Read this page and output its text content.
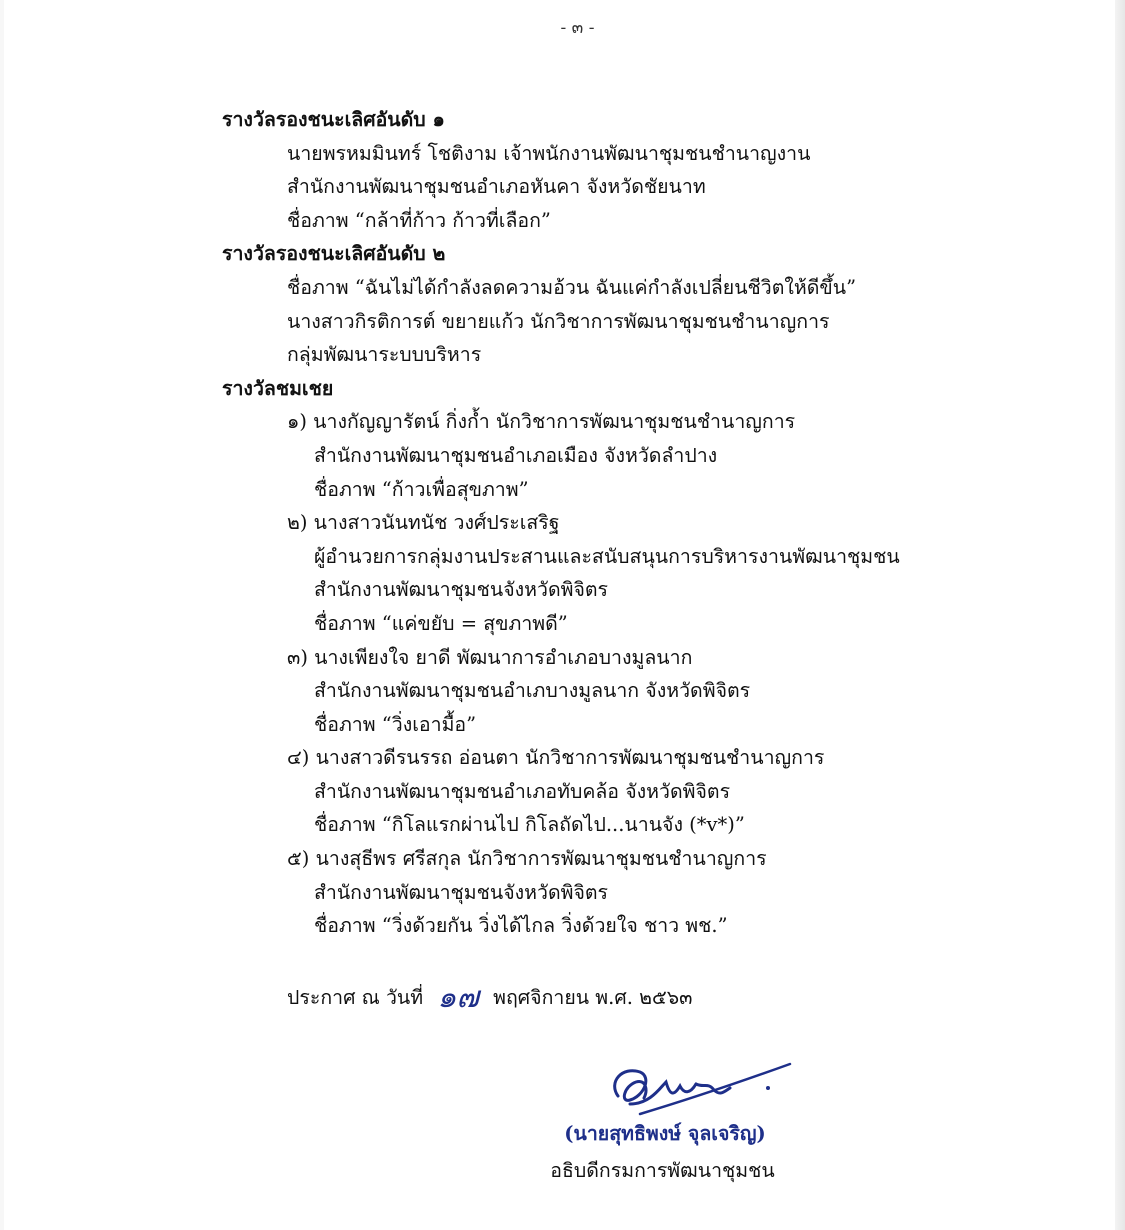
- ๓ -
รางวัลรองชนะเลิศอันดับ ๑
นายพรหมมินทร์ โชติงาม เจ้าพนักงานพัฒนาชุมชนชำนาญงาน
สำนักงานพัฒนาชุมชนอำเภอหันคา จังหวัดชัยนาท
ชื่อภาพ “กล้าที่ก้าว ก้าวที่เลือก”
รางวัลรองชนะเลิศอันดับ ๒
ชื่อภาพ “ฉันไม่ได้กำลังลดความอ้วน ฉันแค่กำลังเปลี่ยนชีวิตให้ดีขึ้น”
นางสาวกิรติการต์ ขยายแก้ว นักวิชาการพัฒนาชุมชนชำนาญการ
กลุ่มพัฒนาระบบบริหาร
รางวัลชมเชย
๑) นางกัญญารัตน์ กิ่งก้ำ นักวิชาการพัฒนาชุมชนชำนาญการ
สำนักงานพัฒนาชุมชนอำเภอเมือง จังหวัดลำปาง
ชื่อภาพ “ก้าวเพื่อสุขภาพ”
๒) นางสาวนันทนัช วงศ์ประเสริฐ
ผู้อำนวยการกลุ่มงานประสานและสนับสนุนการบริหารงานพัฒนาชุมชน
สำนักงานพัฒนาชุมชนจังหวัดพิจิตร
ชื่อภาพ “แค่ขยับ = สุขภาพดี”
๓) นางเพียงใจ ยาดี พัฒนาการอำเภอบางมูลนาก
สำนักงานพัฒนาชุมชนอำเภบางมูลนาก จังหวัดพิจิตร
ชื่อภาพ “วิ่งเอามื้อ”
๔) นางสาวดีรนรรถ อ่อนตา นักวิชาการพัฒนาชุมชนชำนาญการ
สำนักงานพัฒนาชุมชนอำเภอทับคล้อ จังหวัดพิจิตร
ชื่อภาพ “กิโลแรกผ่านไป กิโลถัดไป...นานจัง (*v*)”
๕) นางสุธีพร ศรีสกุล นักวิชาการพัฒนาชุมชนชำนาญการ
สำนักงานพัฒนาชุมชนจังหวัดพิจิตร
ชื่อภาพ “วิ่งด้วยกัน วิ่งได้ไกล วิ่งด้วยใจ ชาว พช.”
ประกาศ ณ วันที่ ๑๗ พฤศจิกายน พ.ศ. ๒๕๖๓
(นายสุทธิพงษ์ จุลเจริญ)
อธิบดีกรมการพัฒนาชุมชน
